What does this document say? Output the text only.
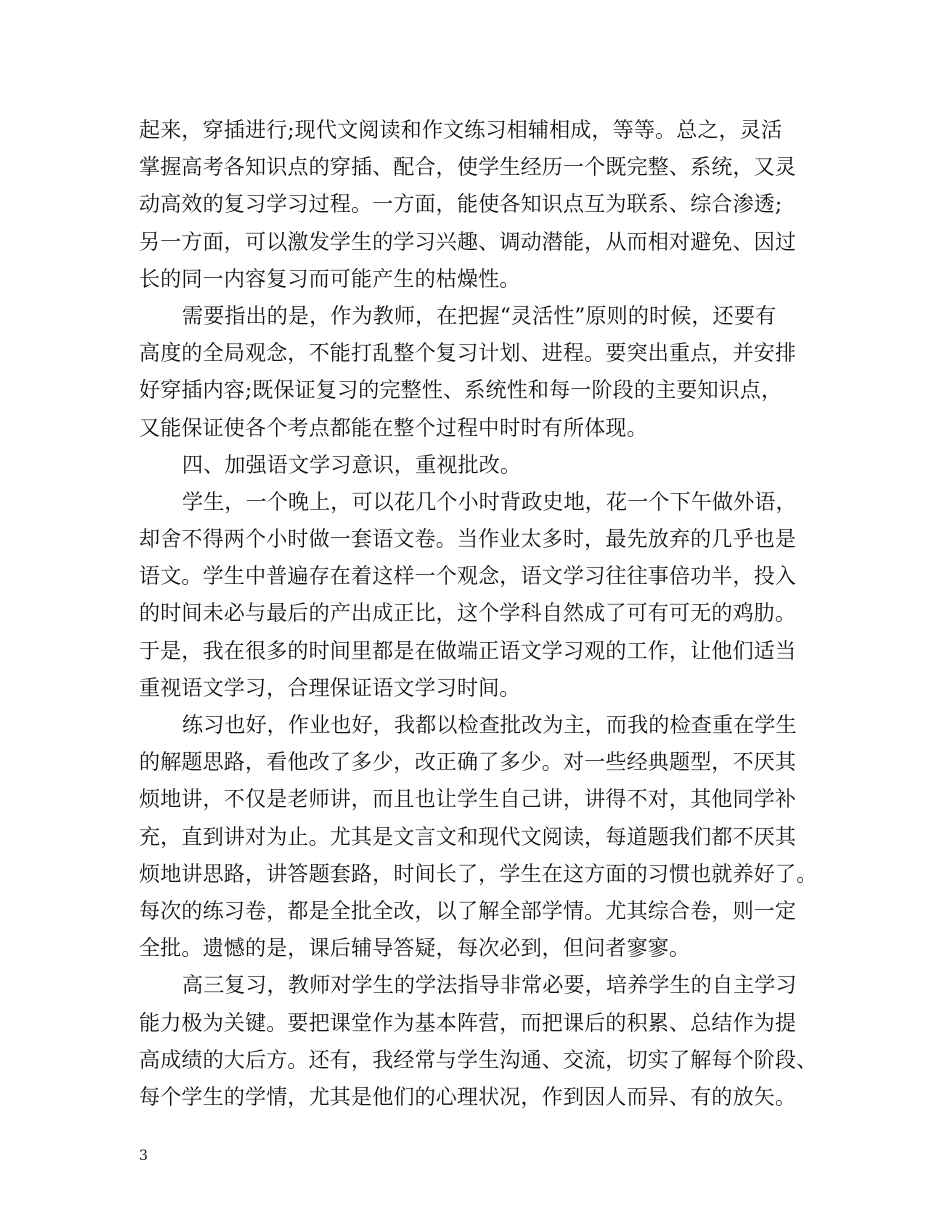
起来，穿插进行;现代文阅读和作文练习相辅相成，等等。总之，灵活
掌握高考各知识点的穿插、配合，使学生经历一个既完整、系统，又灵
动高效的复习学习过程。一方面，能使各知识点互为联系、综合渗透;
另一方面，可以激发学生的学习兴趣、调动潜能，从而相对避免、因过
长的同一内容复习而可能产生的枯燥性。
需要指出的是，作为教师，在把握“灵活性”原则的时候，还要有
高度的全局观念，不能打乱整个复习计划、进程。要突出重点，并安排
好穿插内容;既保证复习的完整性、系统性和每一阶段的主要知识点，
又能保证使各个考点都能在整个过程中时时有所体现。
四、加强语文学习意识，重视批改。
学生，一个晚上，可以花几个小时背政史地，花一个下午做外语，
却舍不得两个小时做一套语文卷。当作业太多时，最先放弃的几乎也是
语文。学生中普遍存在着这样一个观念，语文学习往往事倍功半，投入
的时间未必与最后的产出成正比，这个学科自然成了可有可无的鸡肋。
于是，我在很多的时间里都是在做端正语文学习观的工作，让他们适当
重视语文学习，合理保证语文学习时间。
练习也好，作业也好，我都以检查批改为主，而我的检查重在学生
的解题思路，看他改了多少，改正确了多少。对一些经典题型，不厌其
烦地讲，不仅是老师讲，而且也让学生自己讲，讲得不对，其他同学补
充，直到讲对为止。尤其是文言文和现代文阅读，每道题我们都不厌其
烦地讲思路，讲答题套路，时间长了，学生在这方面的习惯也就养好了。
每次的练习卷，都是全批全改，以了解全部学情。尤其综合卷，则一定
全批。遗憾的是，课后辅导答疑，每次必到，但问者寥寥。
高三复习，教师对学生的学法指导非常必要，培养学生的自主学习
能力极为关键。要把课堂作为基本阵营，而把课后的积累、总结作为提
高成绩的大后方。还有，我经常与学生沟通、交流，切实了解每个阶段、
每个学生的学情，尤其是他们的心理状况，作到因人而异、有的放矢。
3
